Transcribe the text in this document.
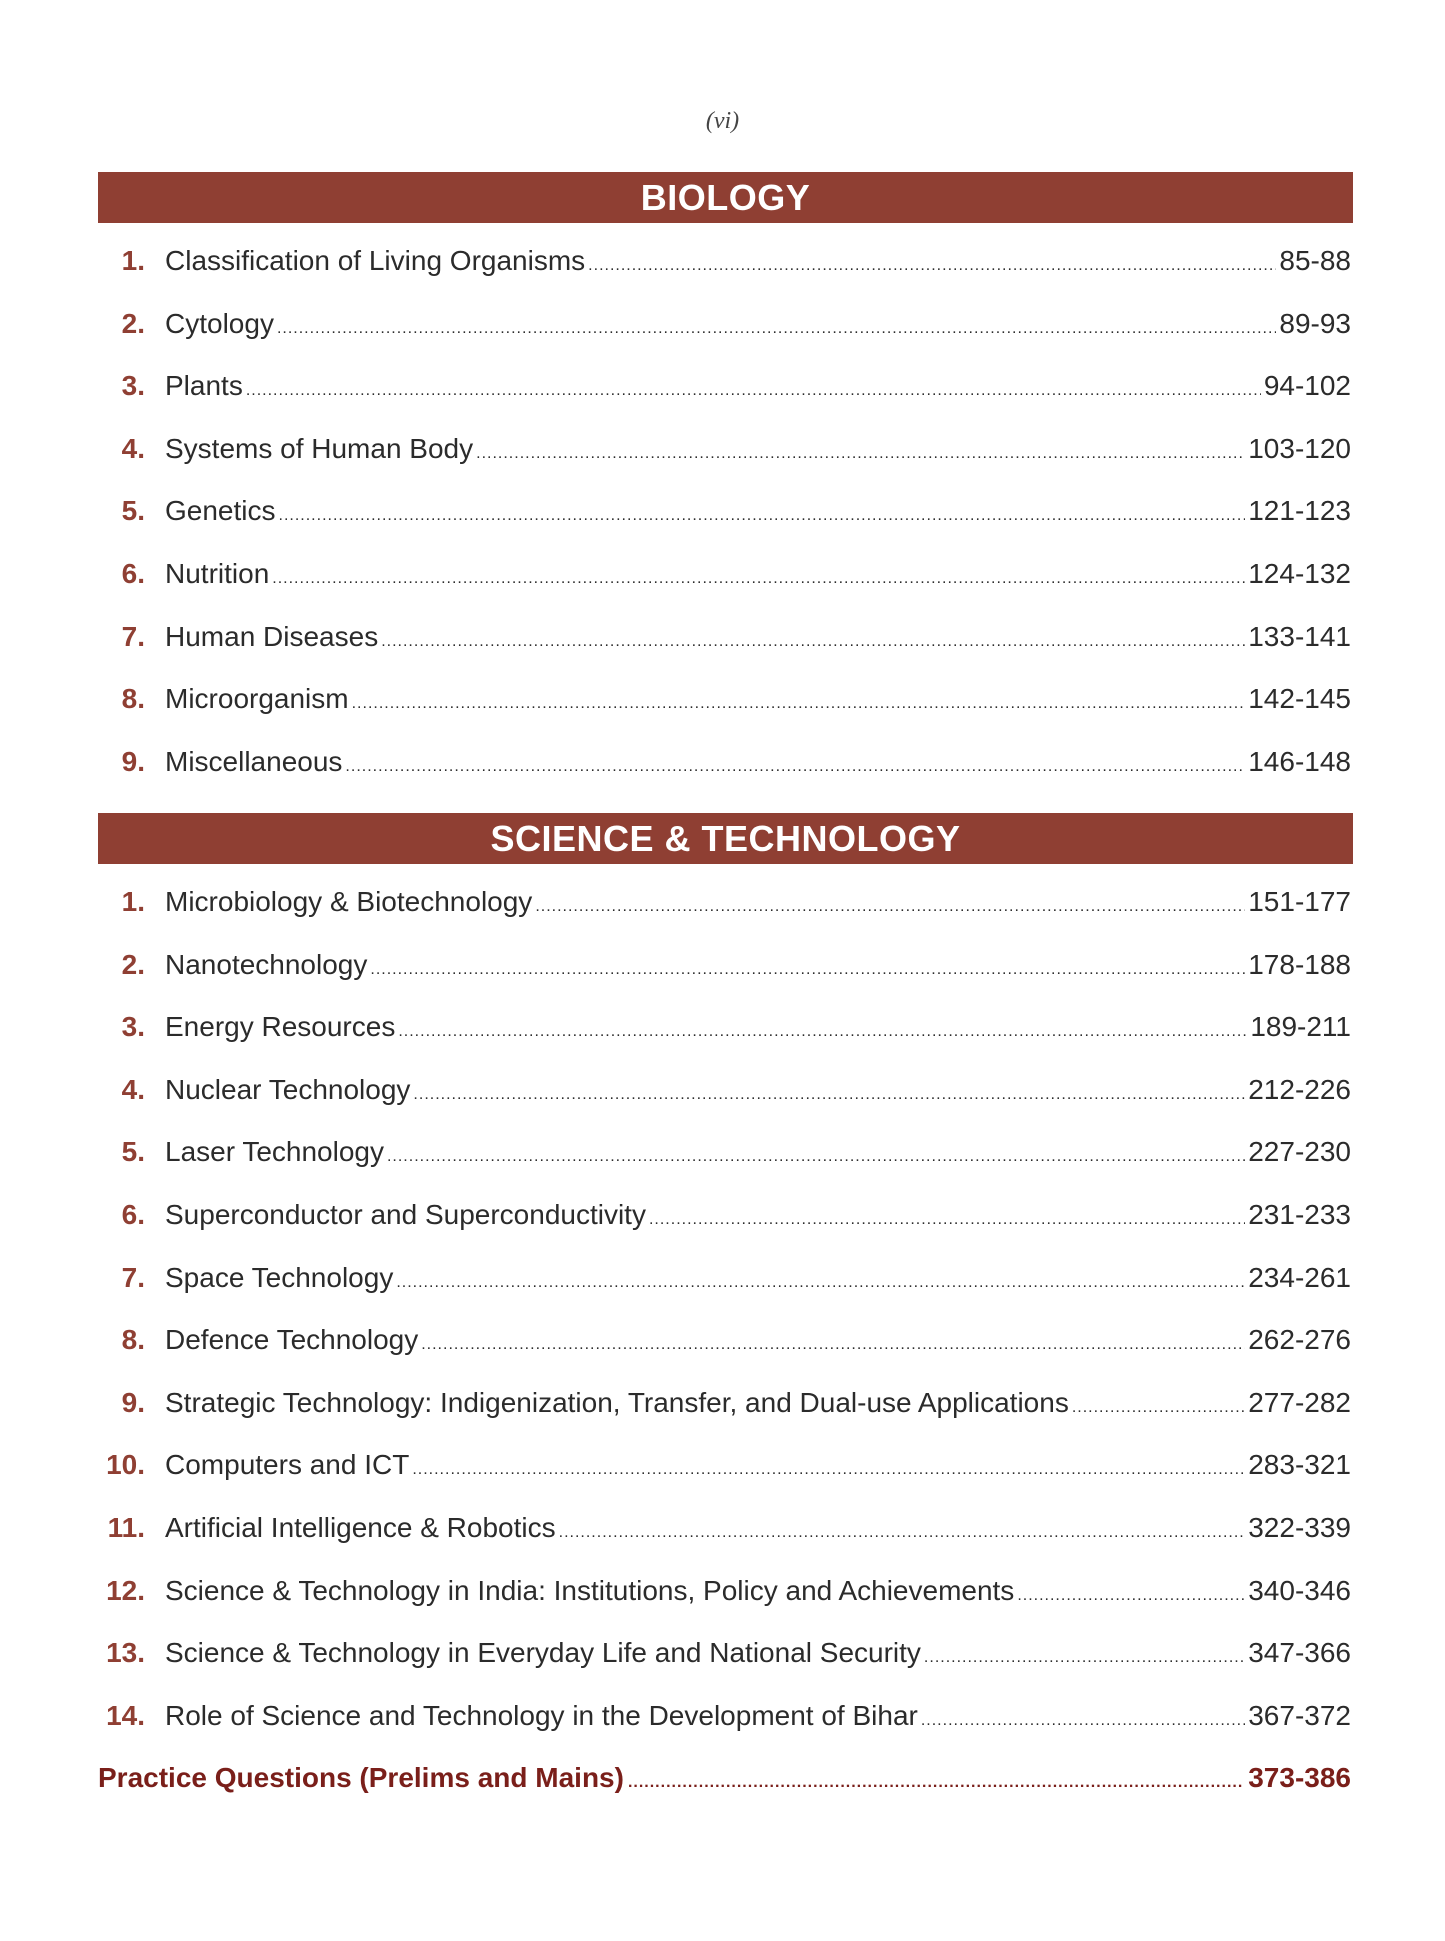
(vi)
BIOLOGY
1. Classification of Living Organisms .....	85-88
2. Cytology .....	89-93
3. Plants .....	94-102
4. Systems of Human Body .....	103-120
5. Genetics .....	121-123
6. Nutrition .....	124-132
7. Human Diseases .....	133-141
8. Microorganism .....	142-145
9. Miscellaneous .....	146-148
SCIENCE & TECHNOLOGY
1. Microbiology & Biotechnology .....	151-177
2. Nanotechnology .....	178-188
3. Energy Resources .....	189-211
4. Nuclear Technology .....	212-226
5. Laser Technology .....	227-230
6. Superconductor and Superconductivity .....	231-233
7. Space Technology .....	234-261
8. Defence Technology .....	262-276
9. Strategic Technology: Indigenization, Transfer, and Dual-use Applications .....	277-282
10. Computers and ICT .....	283-321
11. Artificial Intelligence & Robotics .....	322-339
12. Science & Technology in India: Institutions, Policy and Achievements .....	340-346
13. Science & Technology in Everyday Life and National Security .....	347-366
14. Role of Science and Technology in the Development of Bihar .....	367-372
Practice Questions (Prelims and Mains) .....	373-386
